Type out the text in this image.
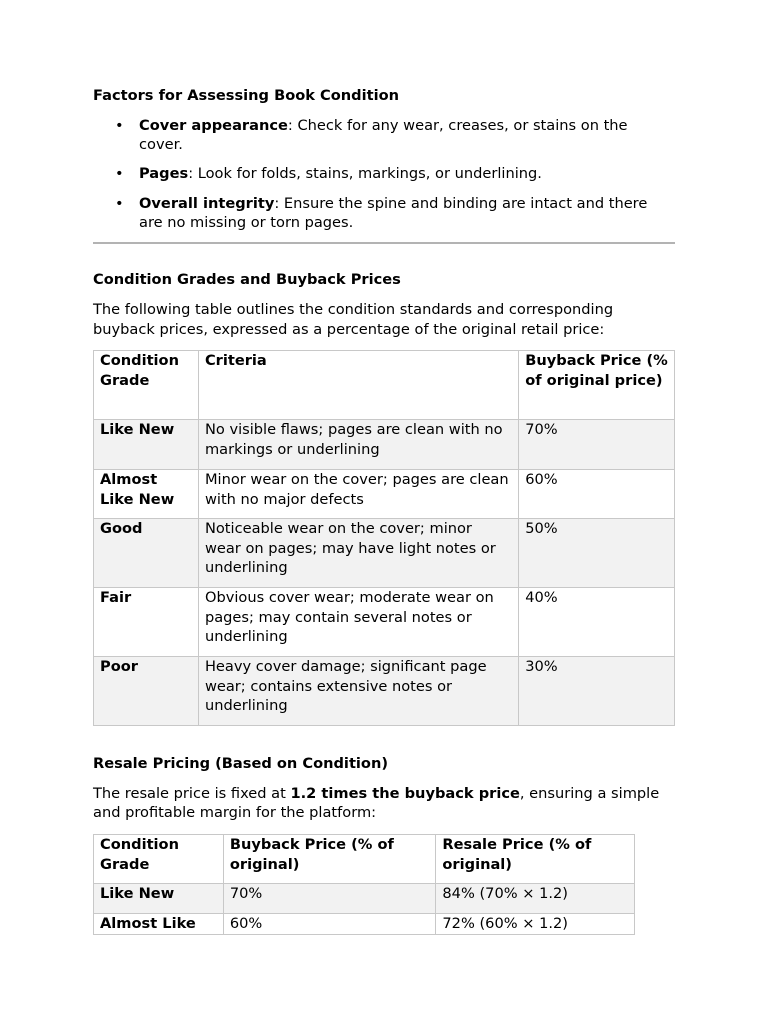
Factors for Assessing Book Condition
• Cover appearance: Check for any wear, creases, or stains on the cover.
• Pages: Look for folds, stains, markings, or underlining.
• Overall integrity: Ensure the spine and binding are intact and there are no missing or torn pages.
Condition Grades and Buyback Prices

The following table outlines the condition standards and corresponding buyback prices, expressed as a percentage of the original retail price:

Condition Grade	Criteria	Buyback Price (% of original price)
Like New	No visible flaws; pages are clean with no markings or underlining	70%
Almost Like New	Minor wear on the cover; pages are clean with no major defects	60%
Good	Noticeable wear on the cover; minor wear on pages; may have light notes or underlining	50%
Fair	Obvious cover wear; moderate wear on pages; may contain several notes or underlining	40%
Poor	Heavy cover damage; significant page wear; contains extensive notes or underlining	30%
Resale Pricing (Based on Condition)

The resale price is fixed at 1.2 times the buyback price, ensuring a simple and profitable margin for the platform:

Condition Grade	Buyback Price (% of original)	Resale Price (% of original)
Like New	70%	84% (70% × 1.2)
Almost Like	60%	72% (60% × 1.2)
